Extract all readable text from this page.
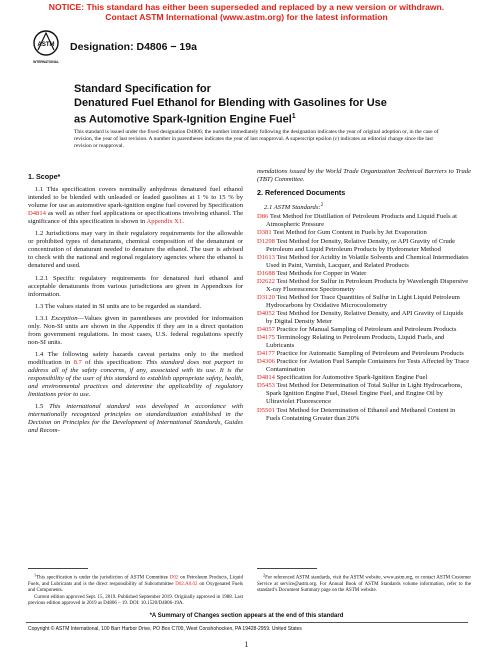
NOTICE: This standard has either been superseded and replaced by a new version or withdrawn.
Contact ASTM International (www.astm.org) for the latest information
ASTM
INTERNATIONAL
Designation: D4806 − 19a
Standard Specification for
Denatured Fuel Ethanol for Blending with Gasolines for Use
as Automotive Spark-Ignition Engine Fuel$^1$
This standard is issued under the fixed designation D4806; the number immediately following the designation indicates the year of original adoption or, in the case of revision, the year of last revision. A number in parentheses indicates the year of last reapproval. A superscript epsilon (ε) indicates an editorial change since the last revision or reapproval.
1. Scope*

1.1 This specification covers nominally anhydrous denatured fuel ethanol intended to be blended with unleaded or leaded gasolines at 1 % to 15 % by volume for use as automotive spark-ignition engine fuel covered by Specification D4814 as well as other fuel applications or specifications involving ethanol. The significance of this specification is shown in Appendix X1.

1.2 Jurisdictions may vary in their regulatory requirements for the allowable or prohibited types of denaturants, chemical composition of the denaturant or concentration of denaturant needed to denature the ethanol. The user is advised to check with the national and regional regulatory agencies where the ethanol is denatured and used.

1.2.1 Specific regulatory requirements for denatured fuel ethanol and acceptable denaturants from various jurisdictions are given in Appendixes for information.

1.3 The values stated in SI units are to be regarded as standard.

1.3.1 Exception—Values given in parentheses are provided for information only. Non-SI units are shown in the Appendix if they are in a direct quotation from government regulations. In most cases, U.S. federal regulations specify non-SI units.

1.4 The following safety hazards caveat pertains only to the method modification in 8.7 of this specification: This standard does not purport to address all of the safety concerns, if any, associated with its use. It is the responsibility of the user of this standard to establish appropriate safety, health, and environmental practices and determine the applicability of regulatory limitations prior to use.

1.5 This international standard was developed in accordance with internationally recognized principles on standardization established in the Decision on Principles for the Development of International Standards, Guides and Recom-

mendations issued by the World Trade Organization Technical Barriers to Trade (TBT) Committee.

2. Referenced Documents

2.1 ASTM Standards:$^2$

D86 Test Method for Distillation of Petroleum Products and Liquid Fuels at Atmospheric Pressure

D381 Test Method for Gum Content in Fuels by Jet Evaporation

D1298 Test Method for Density, Relative Density, or API Gravity of Crude Petroleum and Liquid Petroleum Products by Hydrometer Method

D1613 Test Method for Acidity in Volatile Solvents and Chemical Intermediates Used in Paint, Varnish, Lacquer, and Related Products

D1688 Test Methods for Copper in Water

D2622 Test Method for Sulfur in Petroleum Products by Wavelength Dispersive X-ray Fluorescence Spectrometry

D3120 Test Method for Trace Quantities of Sulfur in Light Liquid Petroleum Hydrocarbons by Oxidative Microcoulometry

D4052 Test Method for Density, Relative Density, and API Gravity of Liquids by Digital Density Meter

D4057 Practice for Manual Sampling of Petroleum and Petroleum Products

D4175 Terminology Relating to Petroleum Products, Liquid Fuels, and Lubricants

D4177 Practice for Automatic Sampling of Petroleum and Petroleum Products

D4306 Practice for Aviation Fuel Sample Containers for Tests Affected by Trace Contamination

D4814 Specification for Automotive Spark-Ignition Engine Fuel

D5453 Test Method for Determination of Total Sulfur in Light Hydrocarbons, Spark Ignition Engine Fuel, Diesel Engine Fuel, and Engine Oil by Ultraviolet Fluorescence

D5501 Test Method for Determination of Ethanol and Methanol Content in Fuels Containing Greater than 20%

$^1$This specification is under the jurisdiction of ASTM Committee D02 on Petroleum Products, Liquid Fuels, and Lubricants and is the direct responsibility of Subcommittee D02.A0.02 on Oxygenated Fuels and Components.
Current edition approved Sept. 15, 2019. Published September 2019. Originally approved in 1988. Last previous edition approved in 2019 as D4806 – 19. DOI: 10.1520/D4806-19A.
$^2$For referenced ASTM standards, visit the ASTM website, www.astm.org, or contact ASTM Customer Service at service@astm.org. For Annual Book of ASTM Standards volume information, refer to the standard’s Document Summary page on the ASTM website.
*A Summary of Changes section appears at the end of this standard
Copyright © ASTM International, 100 Barr Harbor Drive, PO Box C700, West Conshohocken, PA 19428-2959. United States
1
